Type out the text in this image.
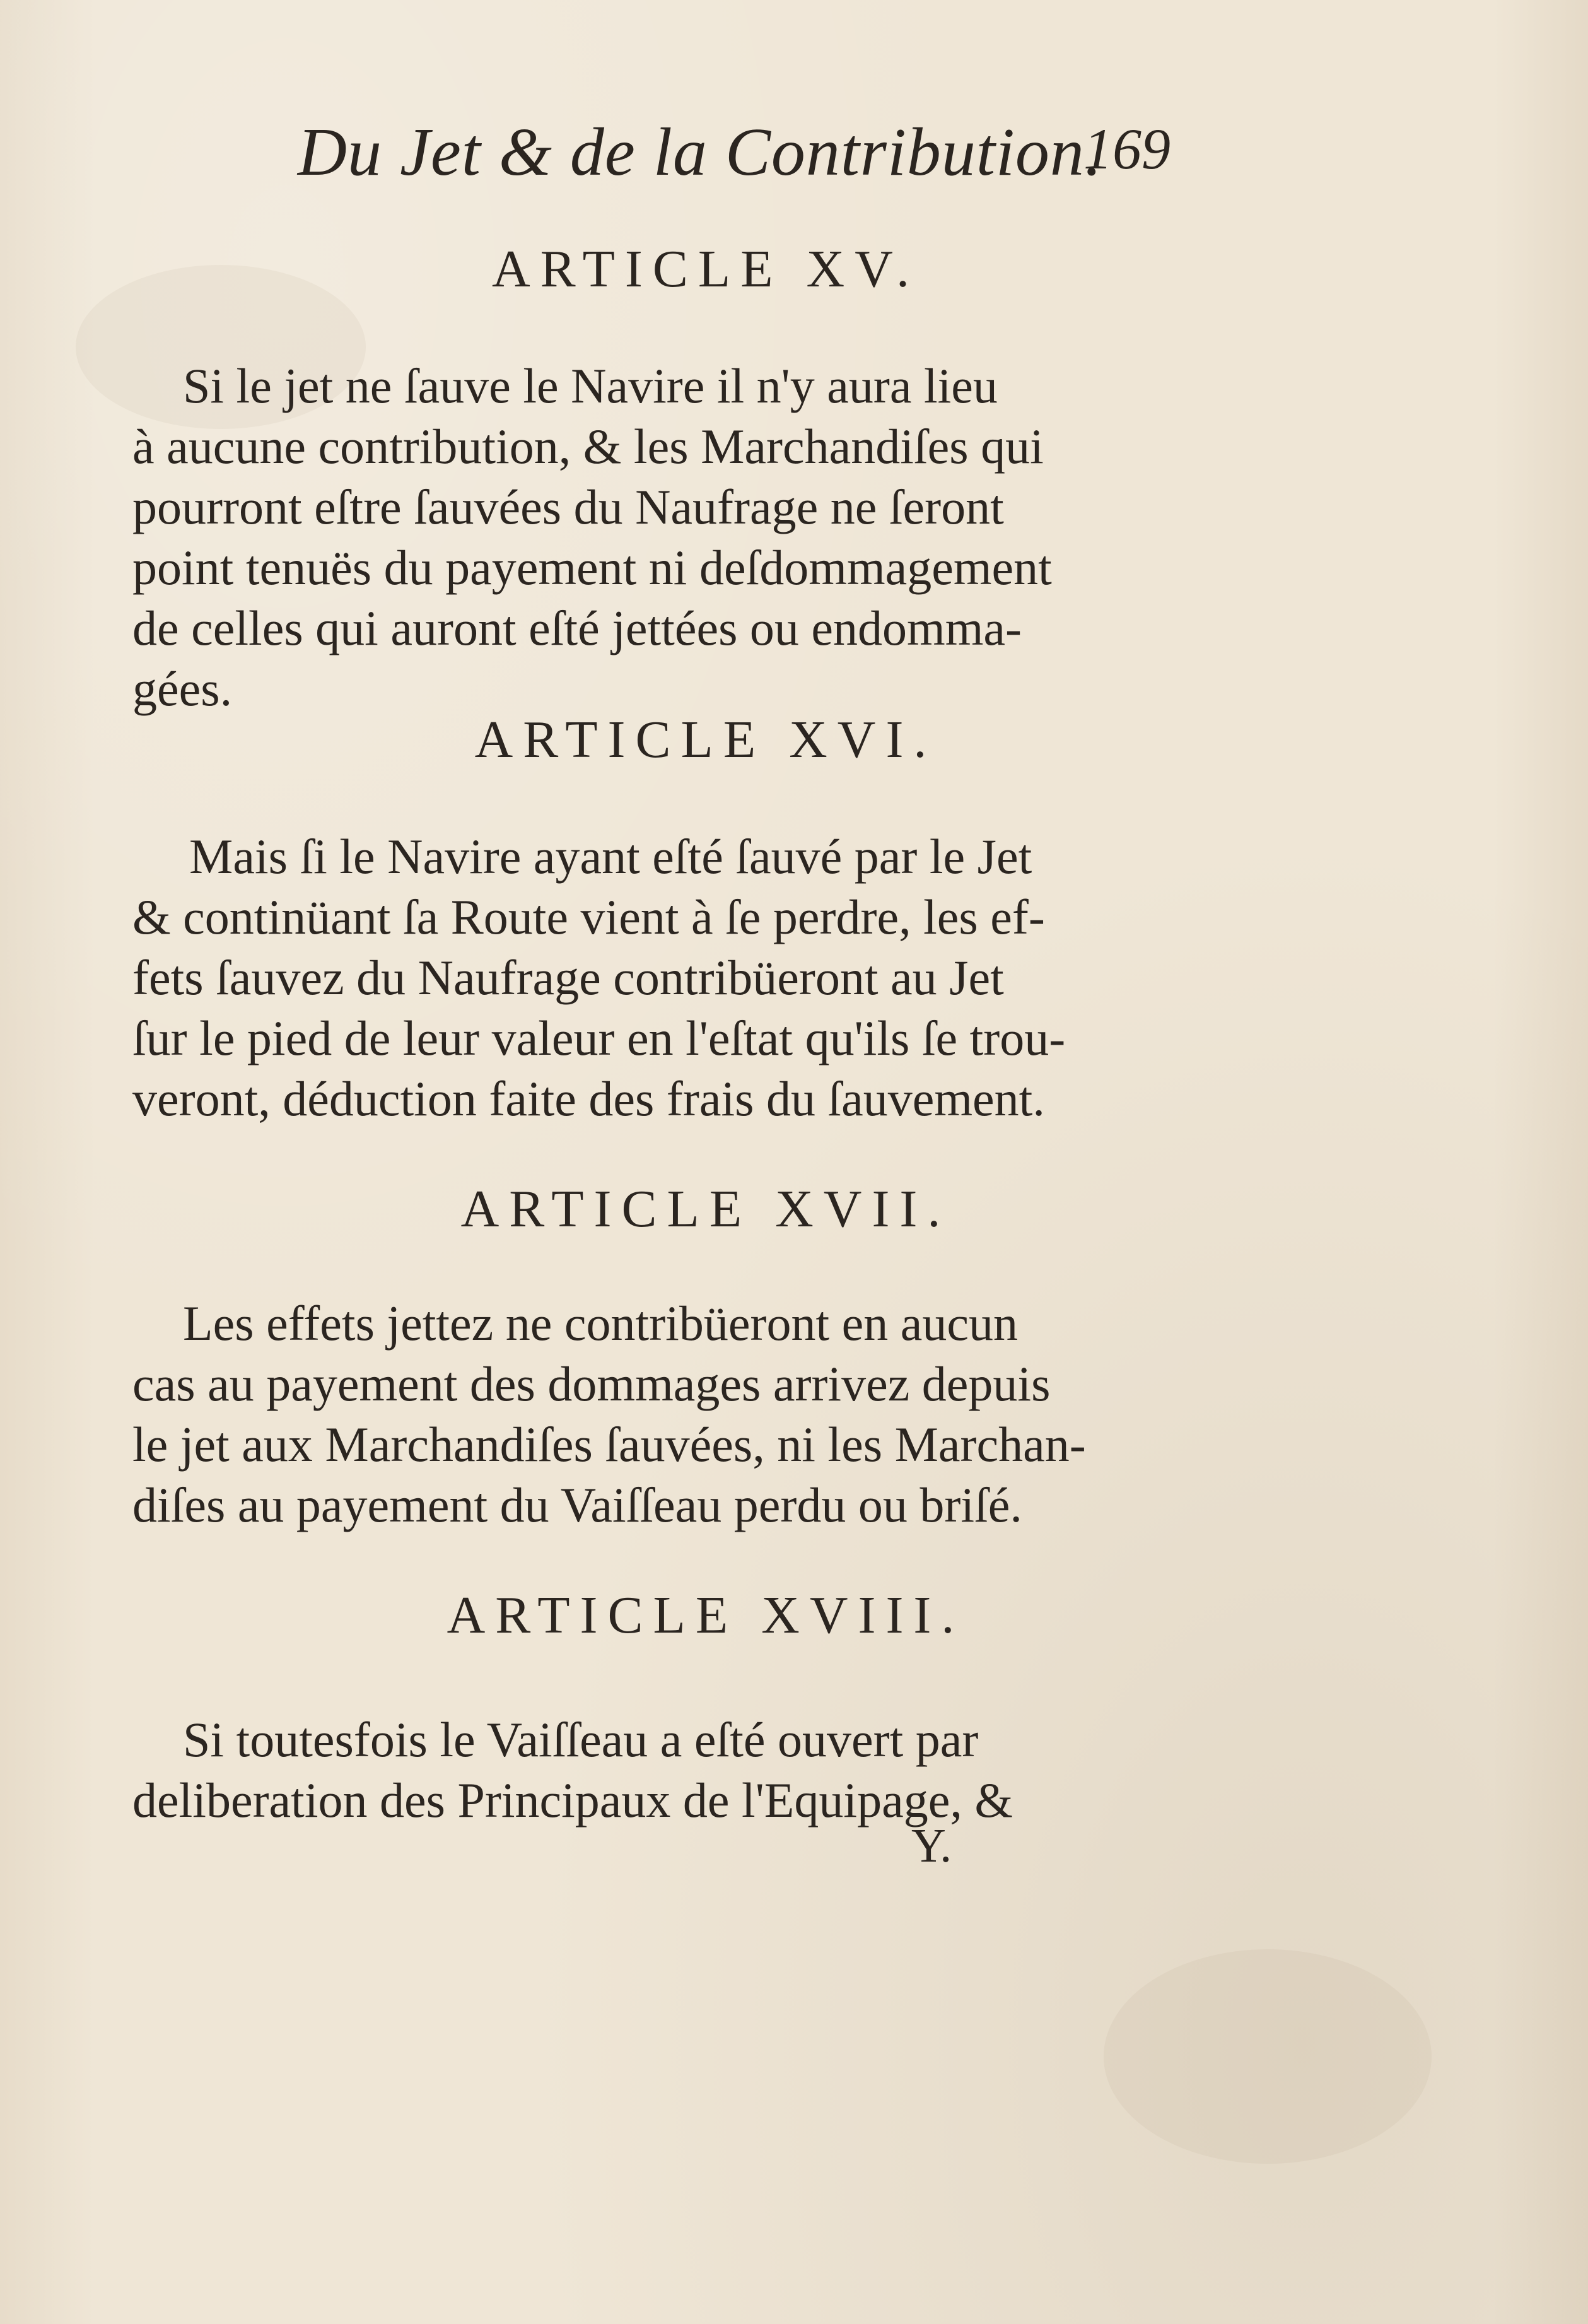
Du Jet & de la Contribution.
169
ARTICLE XV.
Si le jet ne ſauve le Navire il n'y aura lieu
à aucune contribution, & les Marchandiſes qui
pourront eſtre ſauvées du Naufrage ne ſeront
point tenuës du payement ni deſdommagement
de celles qui auront eſté jettées ou endomma-
gées.
ARTICLE XVI.
Mais ſi le Navire ayant eſté ſauvé par le Jet
& continüant ſa Route vient à ſe perdre, les ef-
fets ſauvez du Naufrage contribüeront au Jet
ſur le pied de leur valeur en l'eſtat qu'ils ſe trou-
veront, déduction faite des frais du ſauvement.
ARTICLE XVII.
Les effets jettez ne contribüeront en aucun
cas au payement des dommages arrivez depuis
le jet aux Marchandiſes ſauvées, ni les Marchan-
diſes au payement du Vaiſſeau perdu ou briſé.
ARTICLE XVIII.
Si toutesfois le Vaiſſeau a eſté ouvert par
deliberation des Principaux de l'Equipage, &
Y.
